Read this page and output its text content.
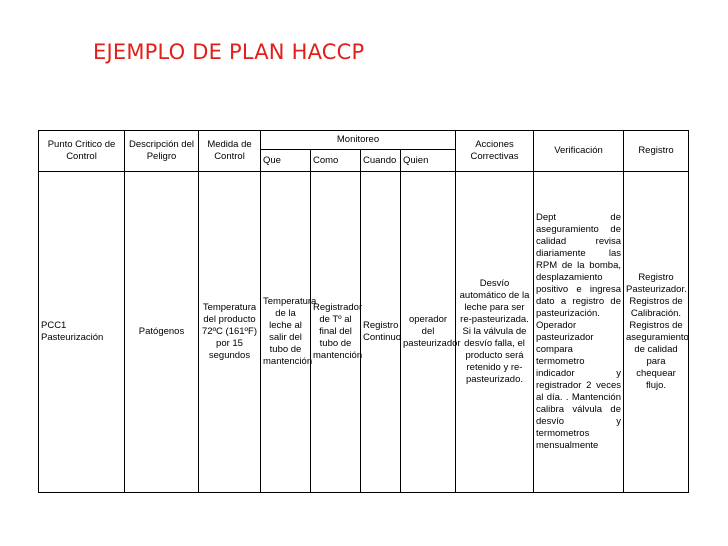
EJEMPLO DE PLAN HACCP
Punto Critico de Control	Descripción del Peligro	Medida de Control	Monitoreo				Acciones Correctivas	Verificación	Registro
			Que	Como	Cuando	Quien			
PCC1 Pasteurización	Patógenos	Temperatura del producto 72ºC (161ºF) por 15 segundos	Temperatura de la leche al salir del tubo de mantención	Registrador de Tº al final del tubo de mantención	Registro Continuo	operador del pasteurizador	Desvío automático de la leche para ser re-pasteurizada. Si la válvula de desvío falla, el producto será retenido y re-pasteurizado.	Dept de aseguramiento de calidad revisa diariamente las RPM de la bomba, desplazamiento positivo e ingresa dato a registro de pasteurización. Operador pasteurizador compara termometro indicador y registrador 2 veces al día. . Mantención calibra válvula de desvío y termometros mensualmente	Registro Pasteurizador. Registros de Calibración. Registros de aseguramiento de calidad para chequear flujo.
